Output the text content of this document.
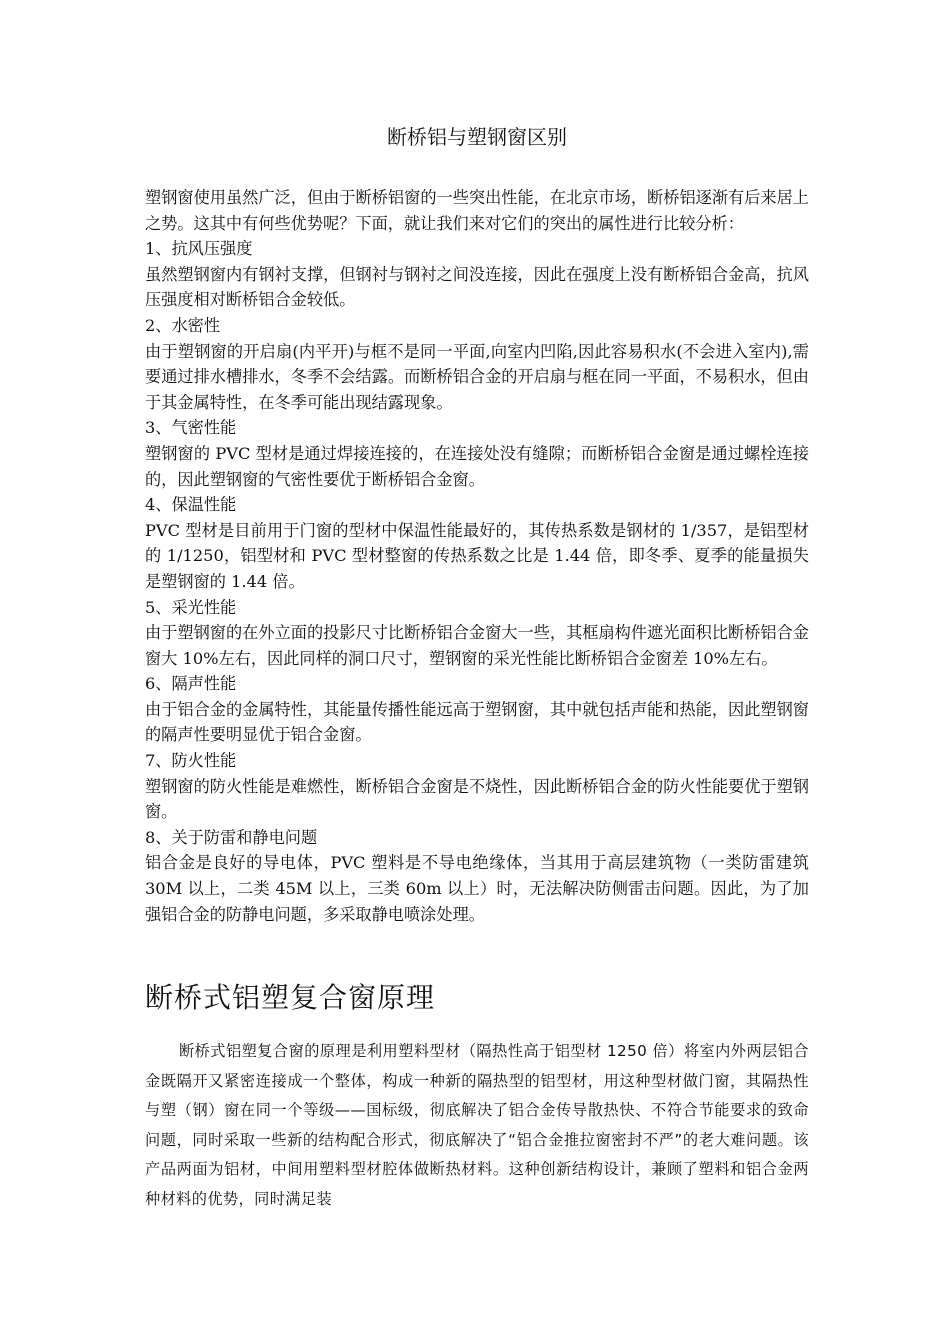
断桥铝与塑钢窗区别

塑钢窗使用虽然广泛，但由于断桥铝窗的一些突出性能，在北京市场，断桥铝逐渐有后来居上之势。这其中有何些优势呢？下面，就让我们来对它们的突出的属性进行比较分析：

1、抗风压强度

虽然塑钢窗内有钢衬支撑，但钢衬与钢衬之间没连接，因此在强度上没有断桥铝合金高，抗风压强度相对断桥铝合金较低。

2、水密性

由于塑钢窗的开启扇(内平开)与框不是同一平面,向室内凹陷,因此容易积水(不会进入室内),需要通过排水槽排水，冬季不会结露。而断桥铝合金的开启扇与框在同一平面，不易积水，但由于其金属特性，在冬季可能出现结露现象。

3、气密性能

塑钢窗的 PVC 型材是通过焊接连接的，在连接处没有缝隙；而断桥铝合金窗是通过螺栓连接的，因此塑钢窗的气密性要优于断桥铝合金窗。

4、保温性能

PVC 型材是目前用于门窗的型材中保温性能最好的，其传热系数是钢材的 1/357，是铝型材的 1/1250，铝型材和 PVC 型材整窗的传热系数之比是 1.44 倍，即冬季、夏季的能量损失是塑钢窗的 1.44 倍。

5、采光性能

由于塑钢窗的在外立面的投影尺寸比断桥铝合金窗大一些，其框扇构件遮光面积比断桥铝合金窗大 10%左右，因此同样的洞口尺寸，塑钢窗的采光性能比断桥铝合金窗差 10%左右。

6、隔声性能

由于铝合金的金属特性，其能量传播性能远高于塑钢窗，其中就包括声能和热能，因此塑钢窗的隔声性要明显优于铝合金窗。

7、防火性能

塑钢窗的防火性能是难燃性，断桥铝合金窗是不烧性，因此断桥铝合金的防火性能要优于塑钢窗。

8、关于防雷和静电问题

铝合金是良好的导电体，PVC 塑料是不导电绝缘体，当其用于高层建筑物（一类防雷建筑 30M 以上，二类 45M 以上，三类 60m 以上）时，无法解决防侧雷击问题。因此，为了加强铝合金的防静电问题，多采取静电喷涂处理。

断桥式铝塑复合窗原理

断桥式铝塑复合窗的原理是利用塑料型材（隔热性高于铝型材 1250 倍）将室内外两层铝合金既隔开又紧密连接成一个整体，构成一种新的隔热型的铝型材，用这种型材做门窗，其隔热性与塑（钢）窗在同一个等级——国标级，彻底解决了铝合金传导散热快、不符合节能要求的致命问题，同时采取一些新的结构配合形式，彻底解决了“铝合金推拉窗密封不严”的老大难问题。该产品两面为铝材，中间用塑料型材腔体做断热材料。这种创新结构设计，兼顾了塑料和铝合金两种材料的优势，同时满足装
